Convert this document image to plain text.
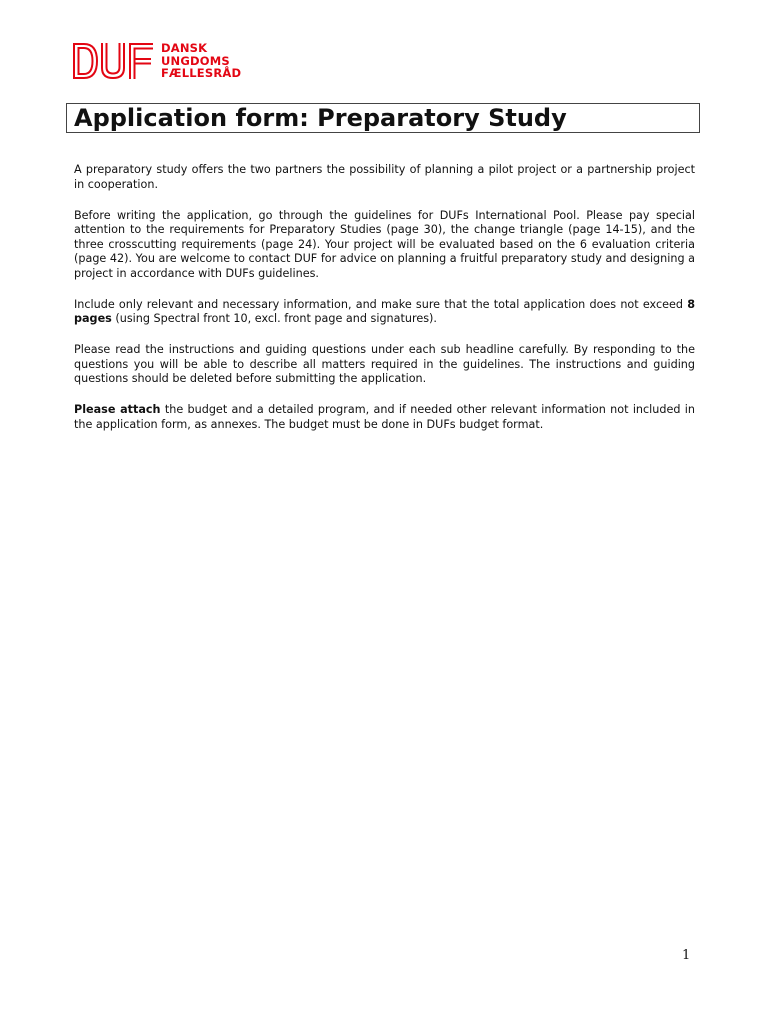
DANSK
UNGDOMS
FÆLLESRÅD
Application form: Preparatory Study

A preparatory study offers the two partners the possibility of planning a pilot project or a partnership project in cooperation.

Before writing the application, go through the guidelines for DUFs International Pool. Please pay special attention to the requirements for Preparatory Studies (page 30), the change triangle (page 14-15), and the three crosscutting requirements (page 24). Your project will be evaluated based on the 6 evaluation criteria (page 42). You are welcome to contact DUF for advice on planning a fruitful preparatory study and designing a project in accordance with DUFs guidelines.

Include only relevant and necessary information, and make sure that the total application does not exceed 8 pages (using Spectral front 10, excl. front page and signatures).

Please read the instructions and guiding questions under each sub headline carefully. By responding to the questions you will be able to describe all matters required in the guidelines. The instructions and guiding questions should be deleted before submitting the application.

Please attach the budget and a detailed program, and if needed other relevant information not included in the application form, as annexes. The budget must be done in DUFs budget format.

1
